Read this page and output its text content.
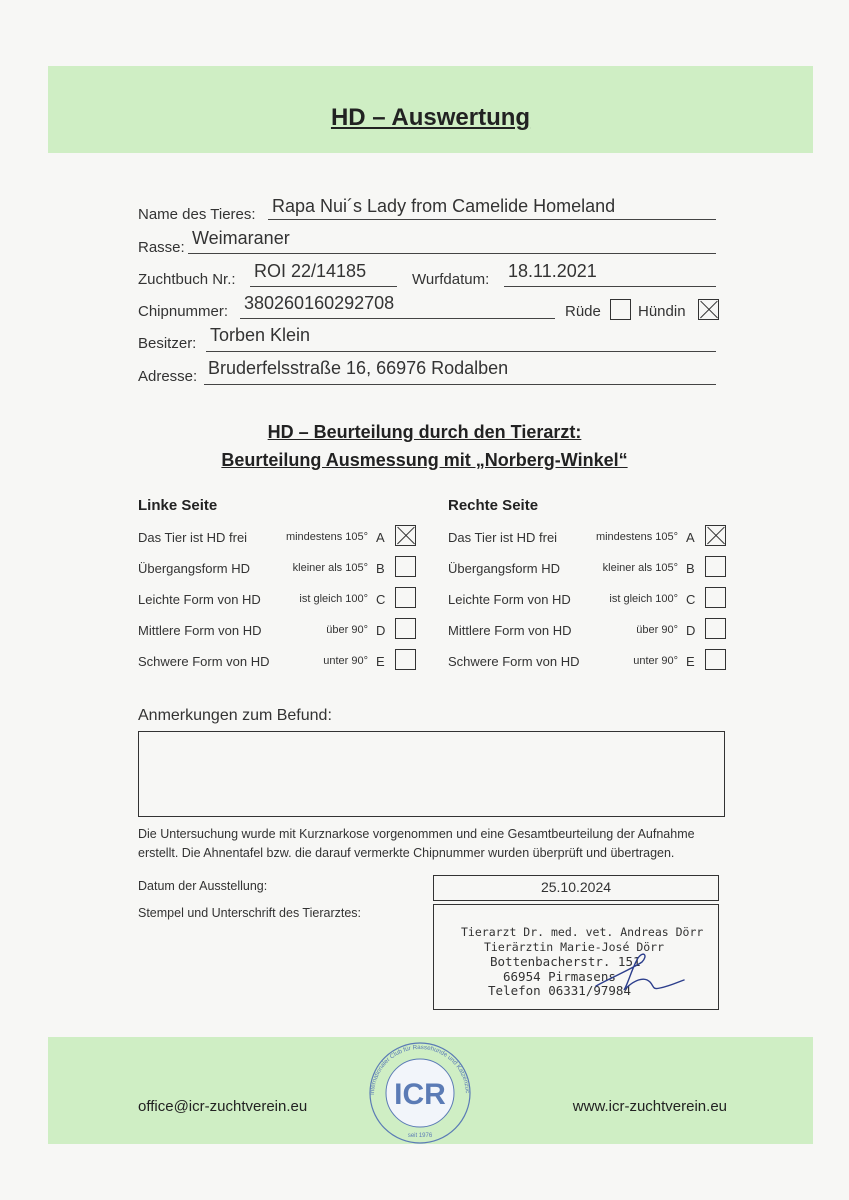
HD – Auswertung
Name des Tieres: Rapa Nui´s Lady from Camelide Homeland
Rasse: Weimaraner
Zuchtbuch Nr.: ROI 22/14185	Wurfdatum: 18.11.2021
Chipnummer: 380260160292708	Rüde Hündin
Besitzer: Torben Klein
Adresse: Bruderfelsstraße 16, 66976 Rodalben
HD – Beurteilung durch den Tierarzt:
Beurteilung Ausmessung mit „Norberg-Winkel“
Linke Seite	Rechte Seite
Das Tier ist HD frei	mindestens 105° A	Das Tier ist HD frei	mindestens 105° A
Übergangsform HD	kleiner als 105° B	Übergangsform HD	kleiner als 105° B
Leichte Form von HD	ist gleich 100° C	Leichte Form von HD	ist gleich 100° C
Mittlere Form von HD	über 90° D	Mittlere Form von HD	über 90° D
Schwere Form von HD	unter 90° E	Schwere Form von HD	unter 90° E
Anmerkungen zum Befund:
Die Untersuchung wurde mit Kurznarkose vorgenommen und eine Gesamtbeurteilung der Aufnahme
erstellt. Die Ahnentafel bzw. die darauf vermerkte Chipnummer wurden überprüft und übertragen.
Datum der Ausstellung:	25.10.2024
Stempel und Unterschrift des Tierarztes:
Tierarzt Dr. med. vet. Andreas Dörr
Tierärztin Marie-José Dörr
Bottenbacherstr. 151
66954 Pirmasens
Telefon 06331/97984
office@icr-zuchtverein.eu	www.icr-zuchtverein.eu
Internationaler Club für Rassehunde und Katzenzuc
ICR
seit 1976
